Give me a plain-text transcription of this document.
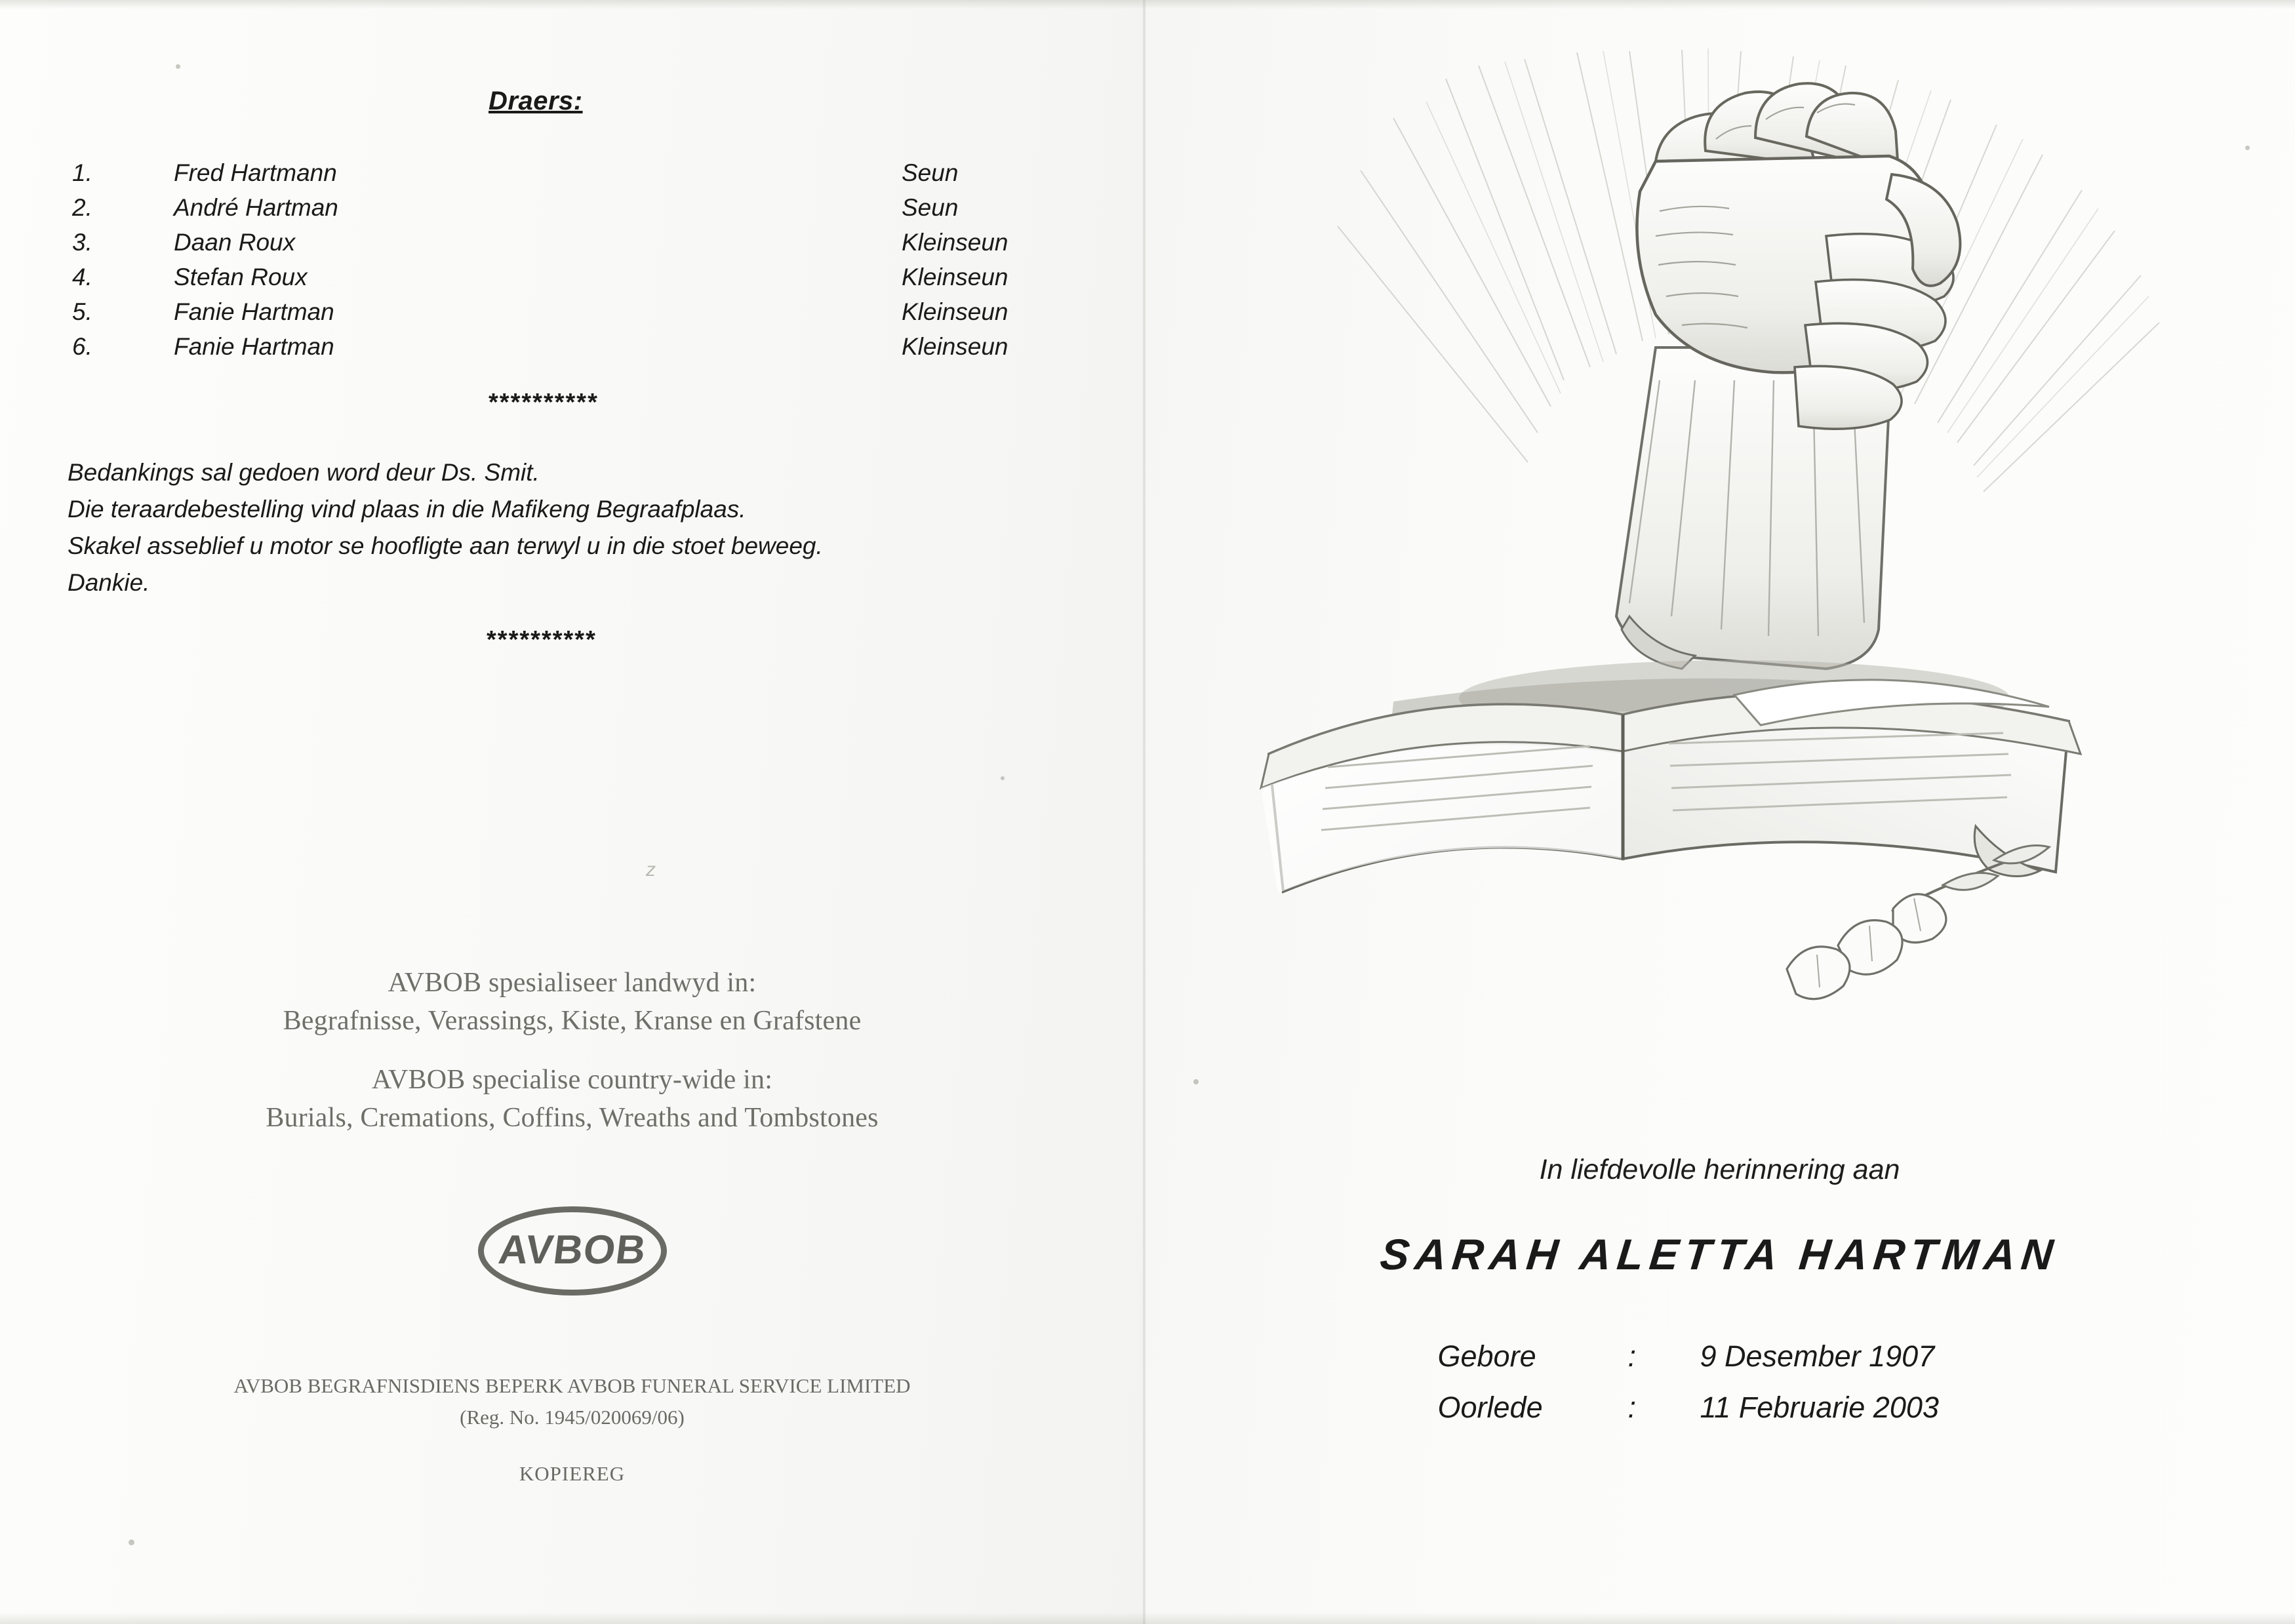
Draers:
1.	Fred Hartmann	Seun
2.	André Hartman	Seun
3.	Daan Roux	Kleinseun
4.	Stefan Roux	Kleinseun
5.	Fanie Hartman	Kleinseun
6.	Fanie Hartman	Kleinseun
**********
Bedankings sal gedoen word deur Ds. Smit.
Die teraardebestelling vind plaas in die Mafikeng Begraafplaas.
Skakel asseblief u motor se hoofligte aan terwyl u in die stoet beweeg.
Dankie.
**********
z
AVBOB spesialiseer landwyd in:
Begrafnisse, Verassings, Kiste, Kranse en Grafstene
AVBOB specialise country-wide in:
Burials, Cremations, Coffins, Wreaths and Tombstones
AVBOB
AVBOB BEGRAFNISDIENS BEPERK AVBOB FUNERAL SERVICE LIMITED
(Reg. No. 1945/020069/06)
KOPIEREG
In liefdevolle herinnering aan
SARAH ALETTA HARTMAN
Gebore	:	9 Desember 1907
Oorlede	:	11 Februarie 2003
